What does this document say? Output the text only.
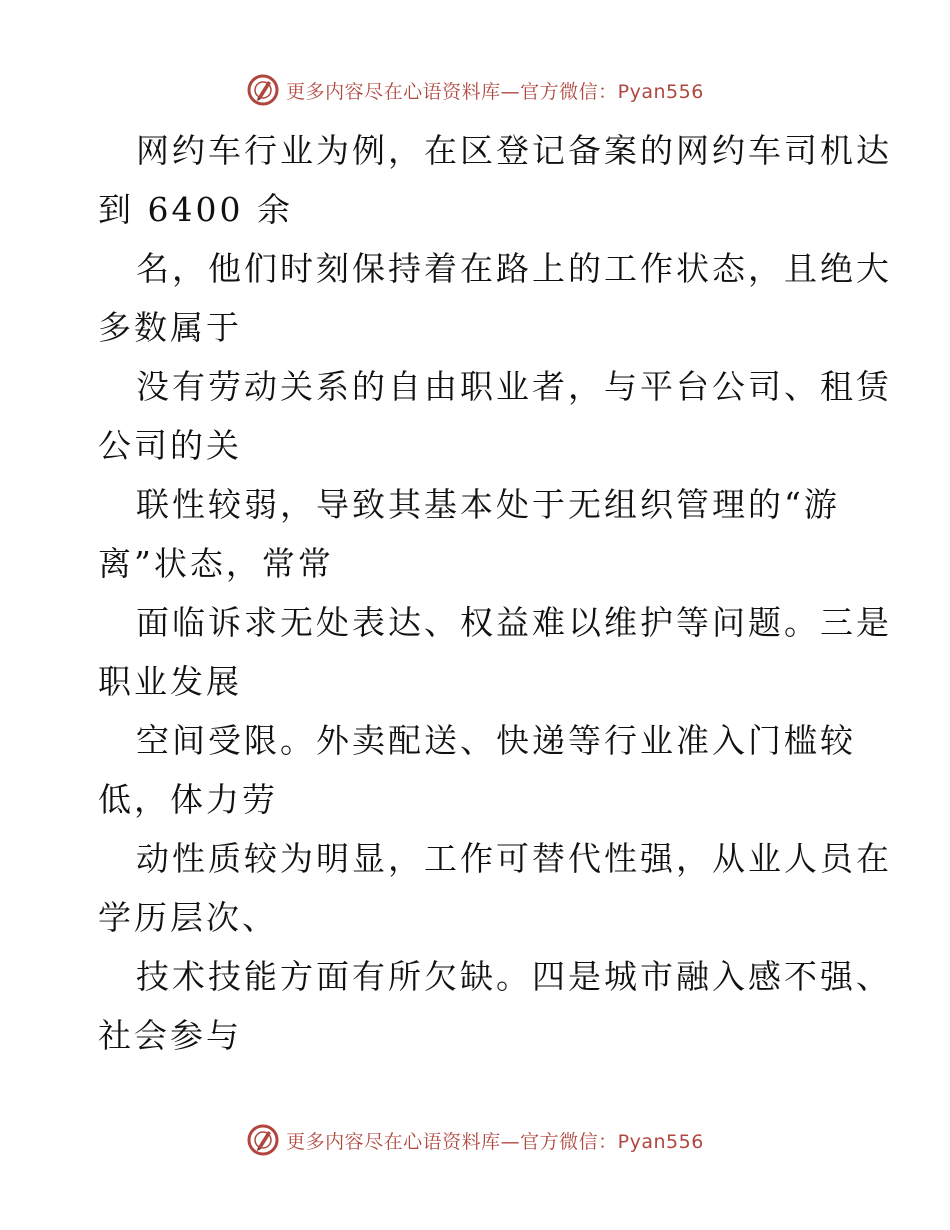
更多内容尽在心语资料库—官方微信：Pyan556
网约车行业为例，在区登记备案的网约车司机达
到 6400 余
名，他们时刻保持着在路上的工作状态，且绝大
多数属于
没有劳动关系的自由职业者，与平台公司、租赁
公司的关
联性较弱，导致其基本处于无组织管理的“游
离”状态，常常
面临诉求无处表达、权益难以维护等问题。三是
职业发展
空间受限。外卖配送、快递等行业准入门槛较
低，体力劳
动性质较为明显，工作可替代性强，从业人员在
学历层次、
技术技能方面有所欠缺。四是城市融入感不强、
社会参与
更多内容尽在心语资料库—官方微信：Pyan556
